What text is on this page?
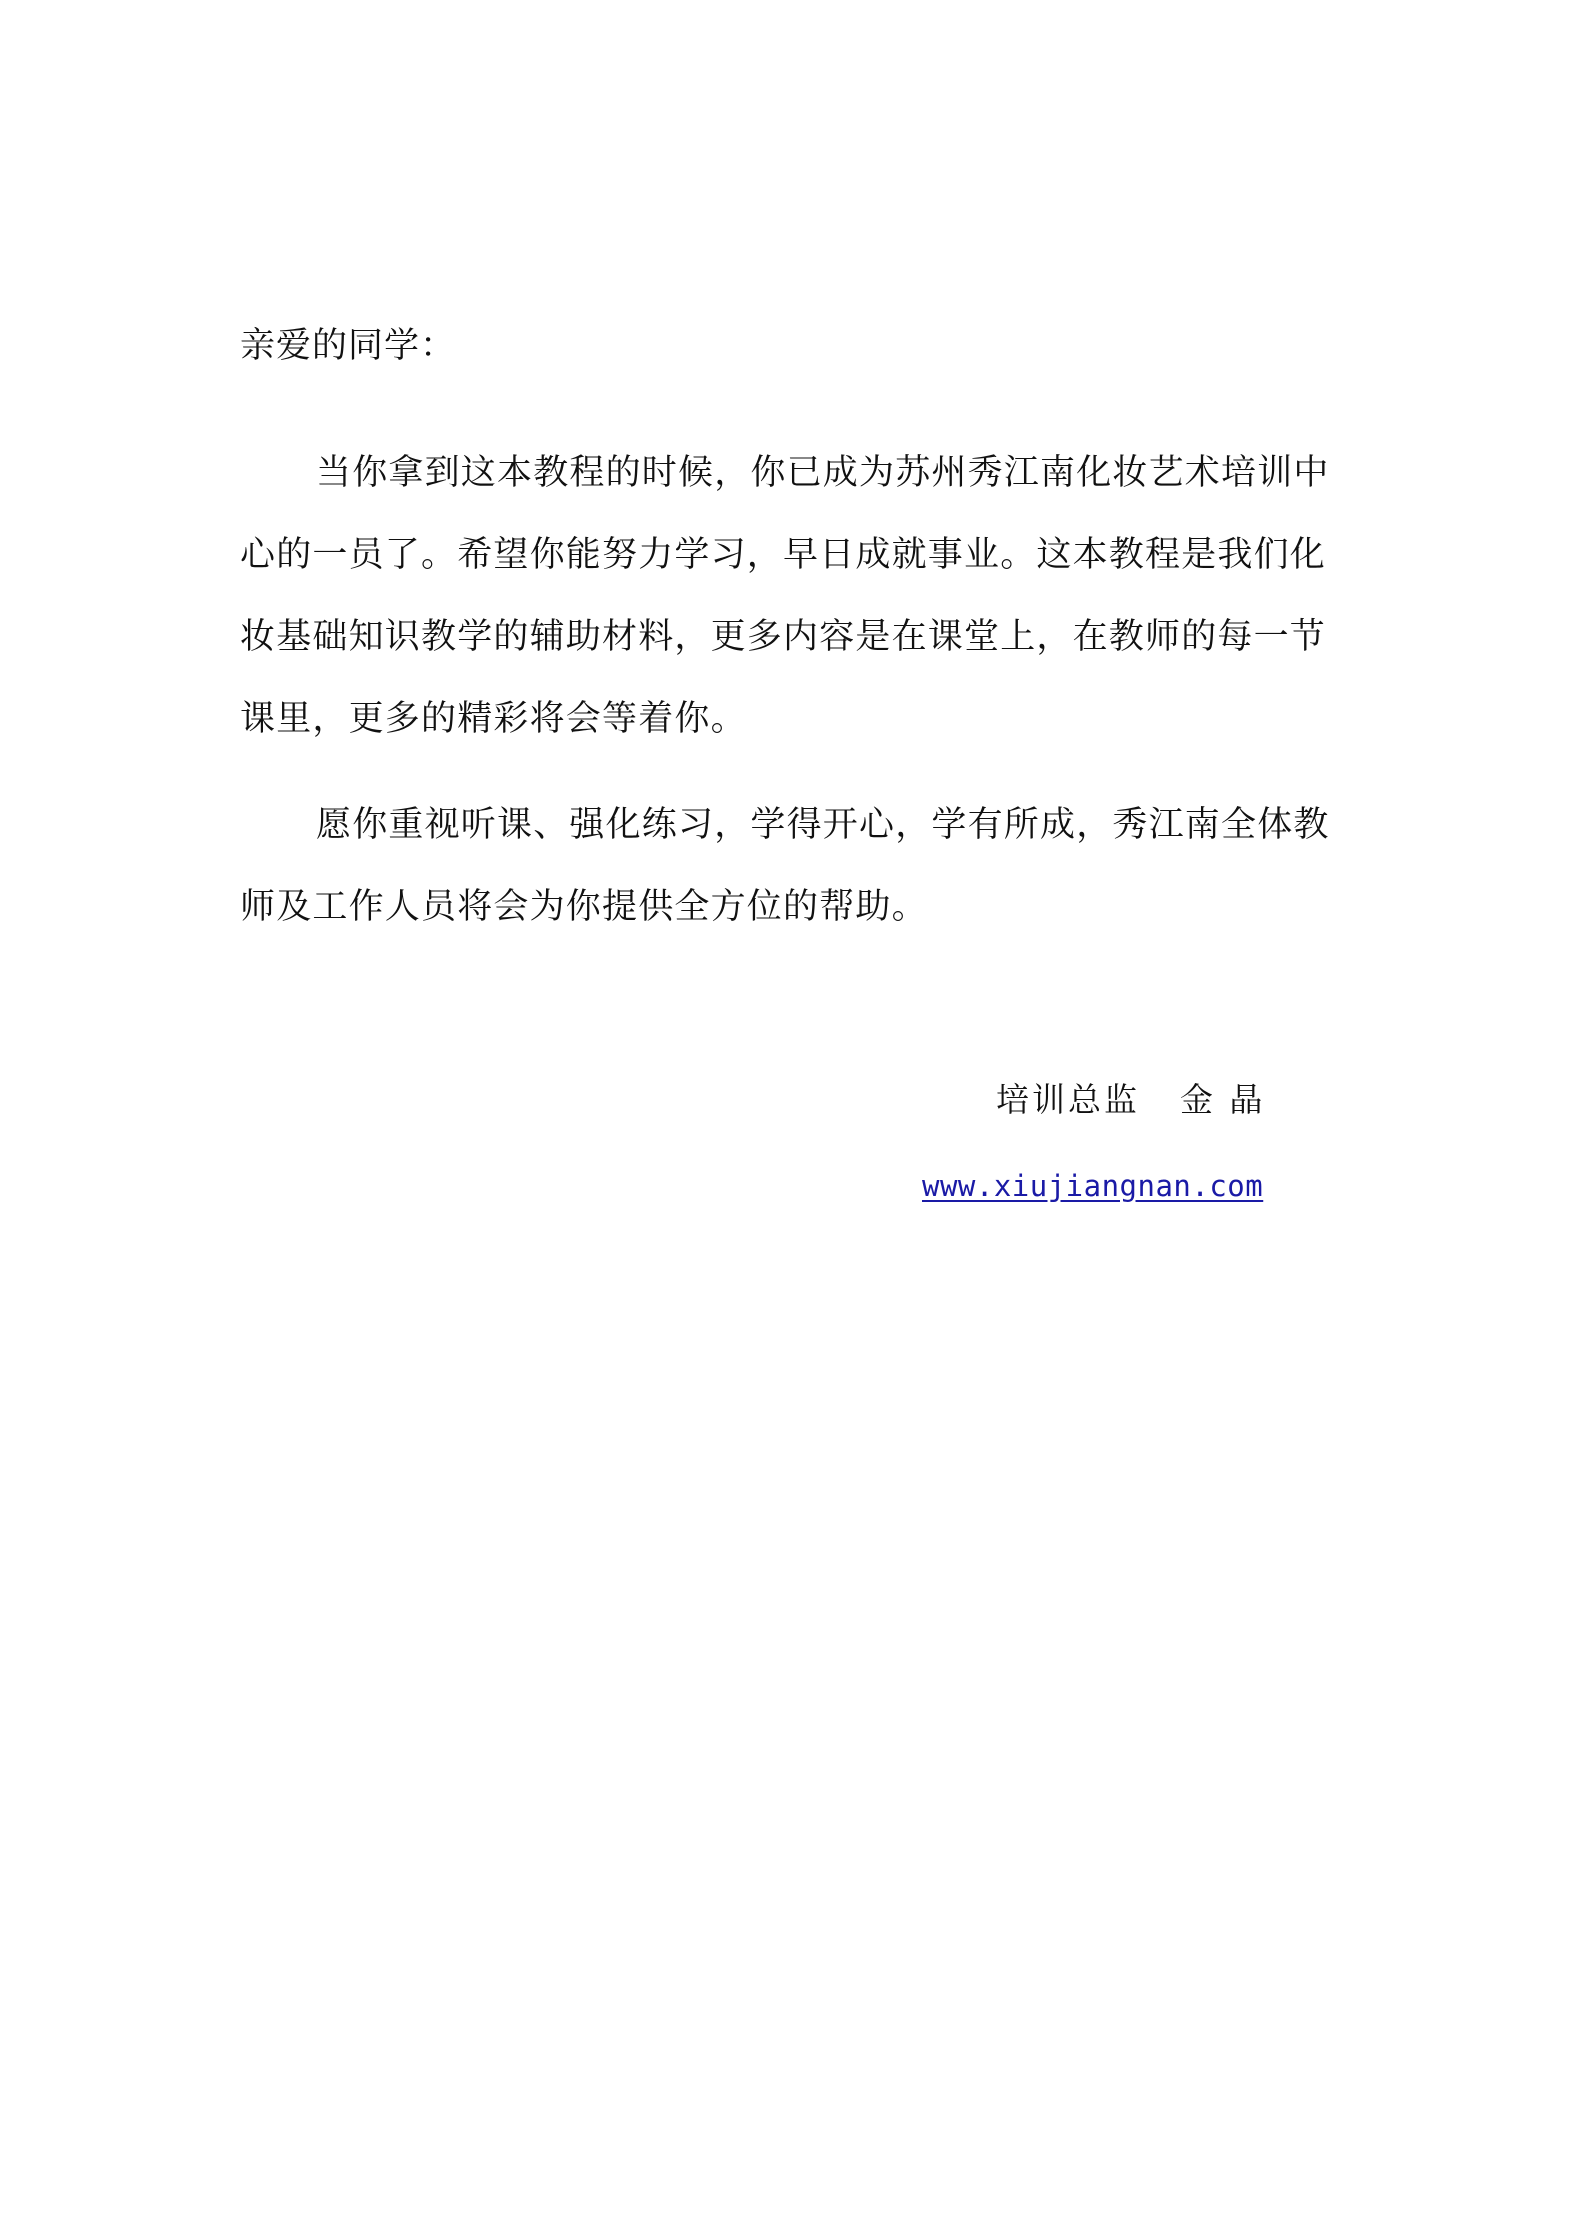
亲爱的同学：

当你拿到这本教程的时候，你已成为苏州秀江南化妆艺术培训中
心的一员了。希望你能努力学习，早日成就事业。这本教程是我们化
妆基础知识教学的辅助材料，更多内容是在课堂上，在教师的每一节
课里，更多的精彩将会等着你。

愿你重视听课、强化练习，学得开心，学有所成，秀江南全体教
师及工作人员将会为你提供全方位的帮助。

培训总监 金 晶
www.xiujiangnan.com
